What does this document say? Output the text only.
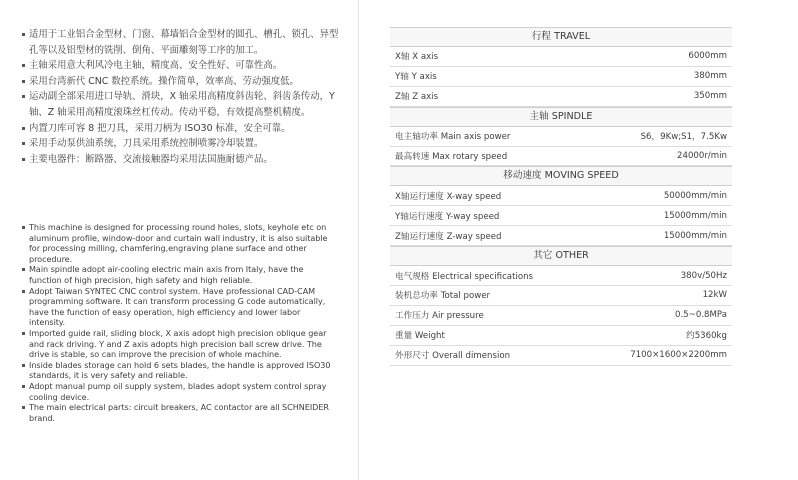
适用于工业铝合金型材、门窗、幕墙铝合金型材的圆孔、槽孔、锁孔、异型孔等以及铝型材的铣削、倒角、平面雕刻等工序的加工。
主轴采用意大利风冷电主轴，精度高、安全性好、可靠性高。
采用台湾新代 CNC 数控系统。操作简单，效率高、劳动强度低。
运动副全部采用进口导轨、滑块，X 轴采用高精度斜齿轮、斜齿条传动，Y 轴、Z 轴采用高精度滚珠丝杠传动。传动平稳，有效提高整机精度。
内置刀库可容 8 把刀具，采用刀柄为 ISO30 标准，安全可靠。
采用手动泵供油系统，刀具采用系统控制喷雾冷却装置。
主要电器件：断路器、交流接触器均采用法国施耐德产品。
This machine is designed for processing round holes, slots, keyhole etc on aluminum profile, window-door and curtain wall industry, it is also suitable for processing milling, chamfering,engraving plane surface and other procedure.
Main spindle adopt air-cooling electric main axis from Italy, have the function of high precision, high safety and high reliable.
Adopt Taiwan SYNTEC CNC control system. Have professional CAD-CAM programming software. It can transform processing G code automatically, have the function of easy operation, high efficiency and lower labor intensity.
Imported guide rail, sliding block, X axis adopt high precision oblique gear and rack driving. Y and Z axis adopts high precision ball screw drive. The drive is stable, so can improve the precision of whole machine.
Inside blades storage can hold 6 sets blades, the handle is approved ISO30 standards, it is very safety and reliable.
Adopt manual pump oil supply system, blades adopt system control spray cooling device.
The main electrical parts: circuit breakers, AC contactor are all SCHNEIDER brand.
行程 TRAVEL
X轴 X axis	6000mm
Y轴 Y axis	380mm
Z轴 Z axis	350mm
主轴 SPINDLE
电主轴功率 Main axis power	S6，9Kw;S1，7.5Kw
最高转速 Max rotary speed	24000r/min
移动速度 MOVING SPEED
X轴运行速度 X-way speed	50000mm/min
Y轴运行速度 Y-way speed	15000mm/min
Z轴运行速度 Z-way speed	15000mm/min
其它 OTHER
电气规格 Electrical specifications	380v/50Hz
装机总功率 Total power	12kW
工作压力 Air pressure	0.5~0.8MPa
重量 Weight	约5360kg
外形尺寸 Overall dimension	7100×1600×2200mm
